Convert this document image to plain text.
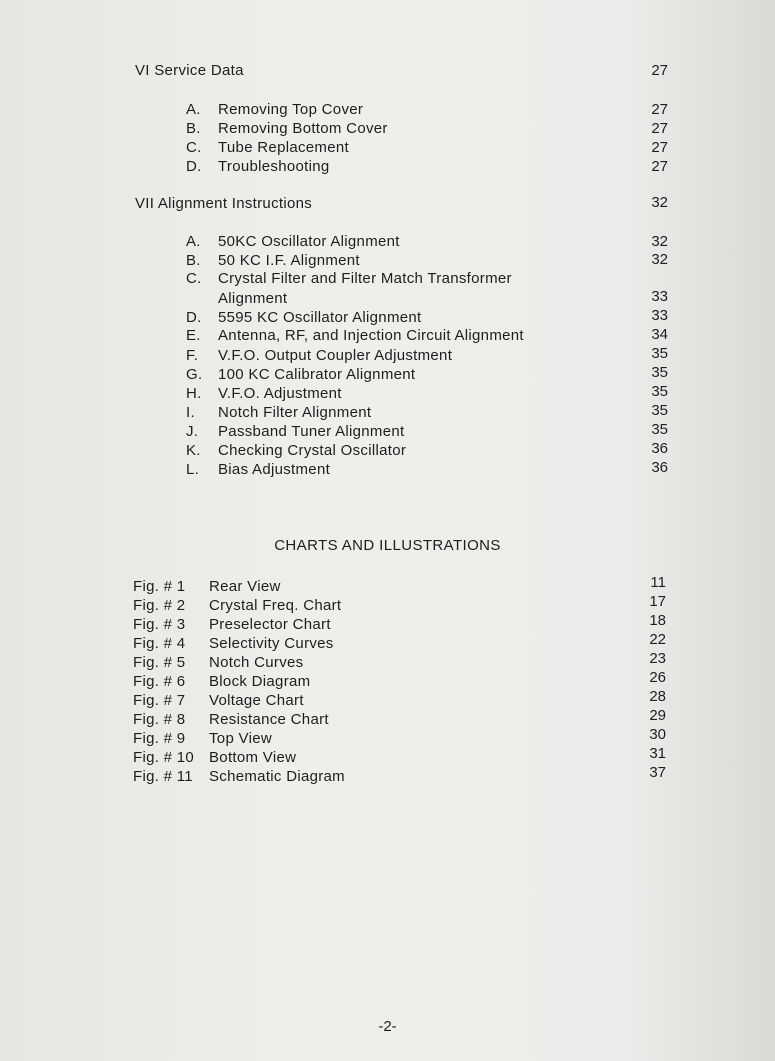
VI Service Data	27
A. Removing Top Cover	27
B. Removing Bottom Cover	27
C. Tube Replacement	27
D. Troubleshooting	27
VII Alignment Instructions	32
A. 50KC Oscillator Alignment	32
B. 50 KC I.F. Alignment	32
C. Crystal Filter and Filter Match Transformer
Alignment	33
D. 5595 KC Oscillator Alignment	33
E. Antenna, RF, and Injection Circuit Alignment	34
F. V.F.O. Output Coupler Adjustment	35
G. 100 KC Calibrator Alignment	35
H. V.F.O. Adjustment	35
I. Notch Filter Alignment	35
J. Passband Tuner Alignment	35
K. Checking Crystal Oscillator	36
L. Bias Adjustment	36
CHARTS AND ILLUSTRATIONS
Fig. # 1 Rear View	11
Fig. # 2 Crystal Freq. Chart	17
Fig. # 3 Preselector Chart	18
Fig. # 4 Selectivity Curves	22
Fig. # 5 Notch Curves	23
Fig. # 6 Block Diagram	26
Fig. # 7 Voltage Chart	28
Fig. # 8 Resistance Chart	29
Fig. # 9 Top View	30
Fig. # 10 Bottom View	31
Fig. # 11 Schematic Diagram	37
-2-
